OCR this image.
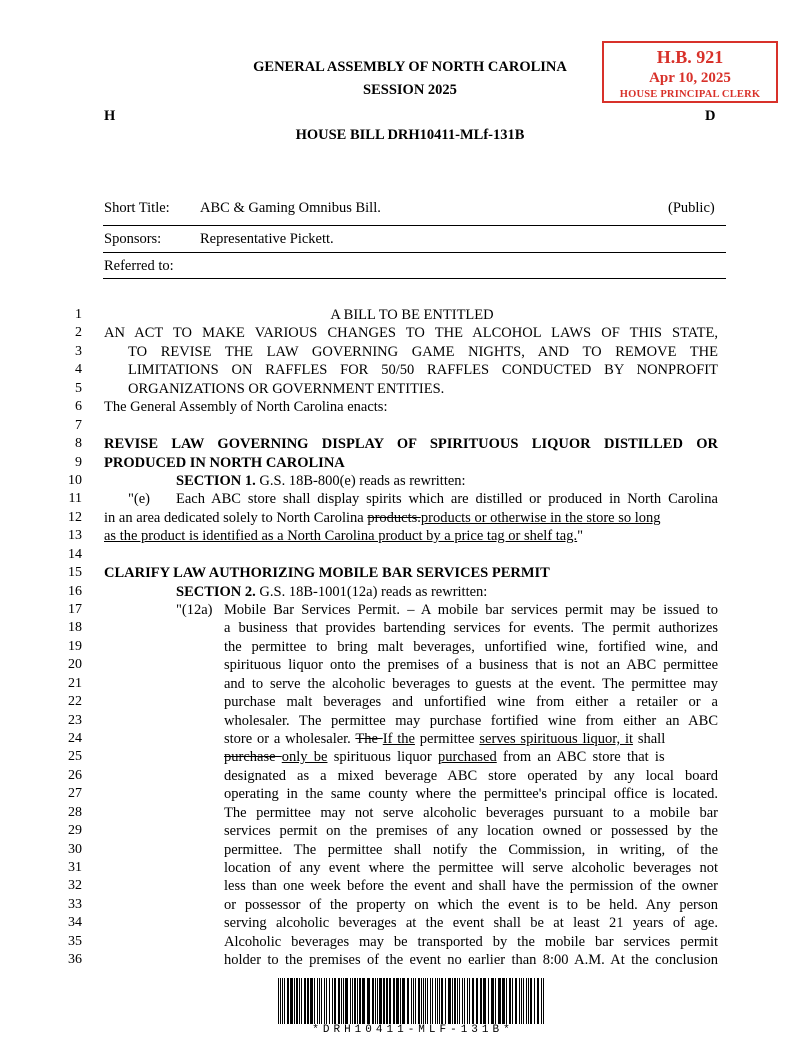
H.B. 921
Apr 10, 2025
HOUSE PRINCIPAL CLERK
GENERAL ASSEMBLY OF NORTH CAROLINA
SESSION 2025
H	D
HOUSE BILL DRH10411-MLf-131B
Short Title: ABC & Gaming Omnibus Bill.	(Public)
Sponsors:	Representative Pickett.
Referred to:
1
2
3
4
5
6
7
8
9
10
11
12
13
14
15
16
17
18
19
20
21
22
23
24
25
26
27
28
29
30
31
32
33
34
35
36
A BILL TO BE ENTITLED
AN ACT TO MAKE VARIOUS CHANGES TO THE ALCOHOL LAWS OF THIS STATE,
TO REVISE THE LAW GOVERNING GAME NIGHTS, AND TO REMOVE THE
LIMITATIONS ON RAFFLES FOR 50/50 RAFFLES CONDUCTED BY NONPROFIT
ORGANIZATIONS OR GOVERNMENT ENTITIES.
The General Assembly of North Carolina enacts:
REVISE LAW GOVERNING DISPLAY OF SPIRITUOUS LIQUOR DISTILLED OR
PRODUCED IN NORTH CAROLINA
SECTION 1. G.S. 18B-800(e) reads as rewritten:
"(e) Each ABC store shall display spirits which are distilled or produced in North Carolina
in an area dedicated solely to North Carolina products.products or otherwise in the store so long
as the product is identified as a North Carolina product by a price tag or shelf tag."
CLARIFY LAW AUTHORIZING MOBILE BAR SERVICES PERMIT
SECTION 2. G.S. 18B-1001(12a) reads as rewritten:
"(12a) Mobile Bar Services Permit. – A mobile bar services permit may be issued to
a business that provides bartending services for events. The permit authorizes
the permittee to bring malt beverages, unfortified wine, fortified wine, and
spirituous liquor onto the premises of a business that is not an ABC permittee
and to serve the alcoholic beverages to guests at the event. The permittee may
purchase malt beverages and unfortified wine from either a retailer or a
wholesaler. The permittee may purchase fortified wine from either an ABC
store or a wholesaler. The If the permittee serves spirituous liquor, it shall
purchase only be spirituous liquor purchased from an ABC store that is
designated as a mixed beverage ABC store operated by any local board
operating in the same county where the permittee's principal office is located.
The permittee may not serve alcoholic beverages pursuant to a mobile bar
services permit on the premises of any location owned or possessed by the
permittee. The permittee shall notify the Commission, in writing, of the
location of any event where the permittee will serve alcoholic beverages not
less than one week before the event and shall have the permission of the owner
or possessor of the property on which the event is to be held. Any person
serving alcoholic beverages at the event shall be at least 21 years of age.
Alcoholic beverages may be transported by the mobile bar services permit
holder to the premises of the event no earlier than 8:00 A.M. At the conclusion
*DRH10411-MLF-131B*
